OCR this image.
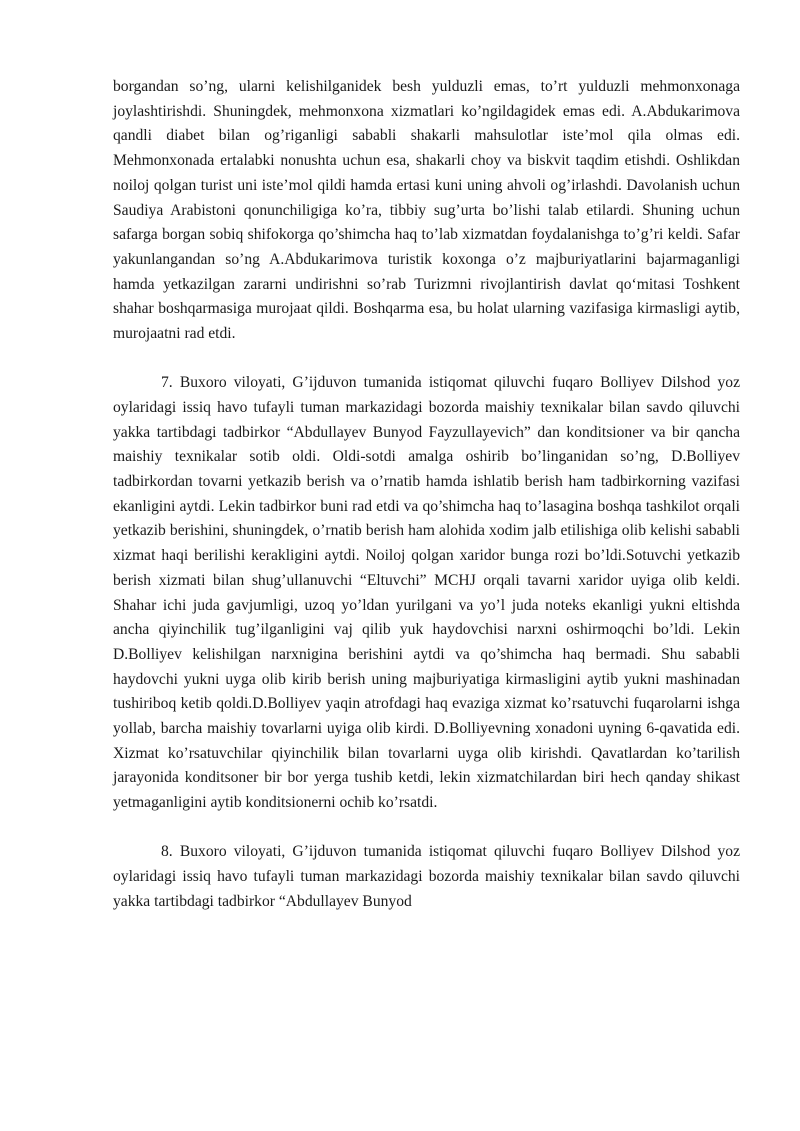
borgandan so’ng, ularni kelishilganidek besh yulduzli emas, to’rt yulduzli mehmonxonaga joylashtirishdi. Shuningdek, mehmonxona xizmatlari ko’ngildagidek emas edi. A.Abdukarimova qandli diabet bilan og’riganligi sababli shakarli mahsulotlar iste’mol qila olmas edi. Mehmonxonada ertalabki nonushta uchun esa, shakarli choy va biskvit taqdim etishdi. Oshlikdan noiloj qolgan turist uni iste’mol qildi hamda ertasi kuni uning ahvoli og’irlashdi. Davolanish uchun Saudiya Arabistoni qonunchiligiga ko’ra, tibbiy sug’urta bo’lishi talab etilardi. Shuning uchun safarga borgan sobiq shifokorga qo’shimcha haq to’lab xizmatdan foydalanishga to’g’ri keldi. Safar yakunlangandan so’ng A.Abdukarimova turistik koxonga o’z majburiyatlarini bajarmaganligi hamda yetkazilgan zararni undirishni so’rab Turizmni rivojlantirish davlat qo‘mitasi Toshkent shahar boshqarmasiga murojaat qildi. Boshqarma esa, bu holat ularning vazifasiga kirmasligi aytib, murojaatni rad etdi.

7. Buxoro viloyati, G’ijduvon tumanida istiqomat qiluvchi fuqaro Bolliyev Dilshod yoz oylaridagi issiq havo tufayli tuman markazidagi bozorda maishiy texnikalar bilan savdo qiluvchi yakka tartibdagi tadbirkor “Abdullayev Bunyod Fayzullayevich” dan konditsioner va bir qancha maishiy texnikalar sotib oldi. Oldi-sotdi amalga oshirib bo’linganidan so’ng, D.Bolliyev tadbirkordan tovarni yetkazib berish va o’rnatib hamda ishlatib berish ham tadbirkorning vazifasi ekanligini aytdi. Lekin tadbirkor buni rad etdi va qo’shimcha haq to’lasagina boshqa tashkilot orqali yetkazib berishini, shuningdek, o’rnatib berish ham alohida xodim jalb etilishiga olib kelishi sababli xizmat haqi berilishi kerakligini aytdi. Noiloj qolgan xaridor bunga rozi bo’ldi.Sotuvchi yetkazib berish xizmati bilan shug’ullanuvchi “Eltuvchi” MCHJ orqali tavarni xaridor uyiga olib keldi. Shahar ichi juda gavjumligi, uzoq yo’ldan yurilgani va yo’l juda noteks ekanligi yukni eltishda ancha qiyinchilik tug’ilganligini vaj qilib yuk haydovchisi narxni oshirmoqchi bo’ldi. Lekin D.Bolliyev kelishilgan narxnigina berishini aytdi va qo’shimcha haq bermadi. Shu sababli haydovchi yukni uyga olib kirib berish uning majburiyatiga kirmasligini aytib yukni mashinadan tushiriboq ketib qoldi.D.Bolliyev yaqin atrofdagi haq evaziga xizmat ko’rsatuvchi fuqarolarni ishga yollab, barcha maishiy tovarlarni uyiga olib kirdi. D.Bolliyevning xonadoni uyning 6-qavatida edi. Xizmat ko’rsatuvchilar qiyinchilik bilan tovarlarni uyga olib kirishdi. Qavatlardan ko’tarilish jarayonida konditsoner bir bor yerga tushib ketdi, lekin xizmatchilardan biri hech qanday shikast yetmaganligini aytib konditsionerni ochib ko’rsatdi.

8. Buxoro viloyati, G’ijduvon tumanida istiqomat qiluvchi fuqaro Bolliyev Dilshod yoz oylaridagi issiq havo tufayli tuman markazidagi bozorda maishiy texnikalar bilan savdo qiluvchi yakka tartibdagi tadbirkor “Abdullayev Bunyod
